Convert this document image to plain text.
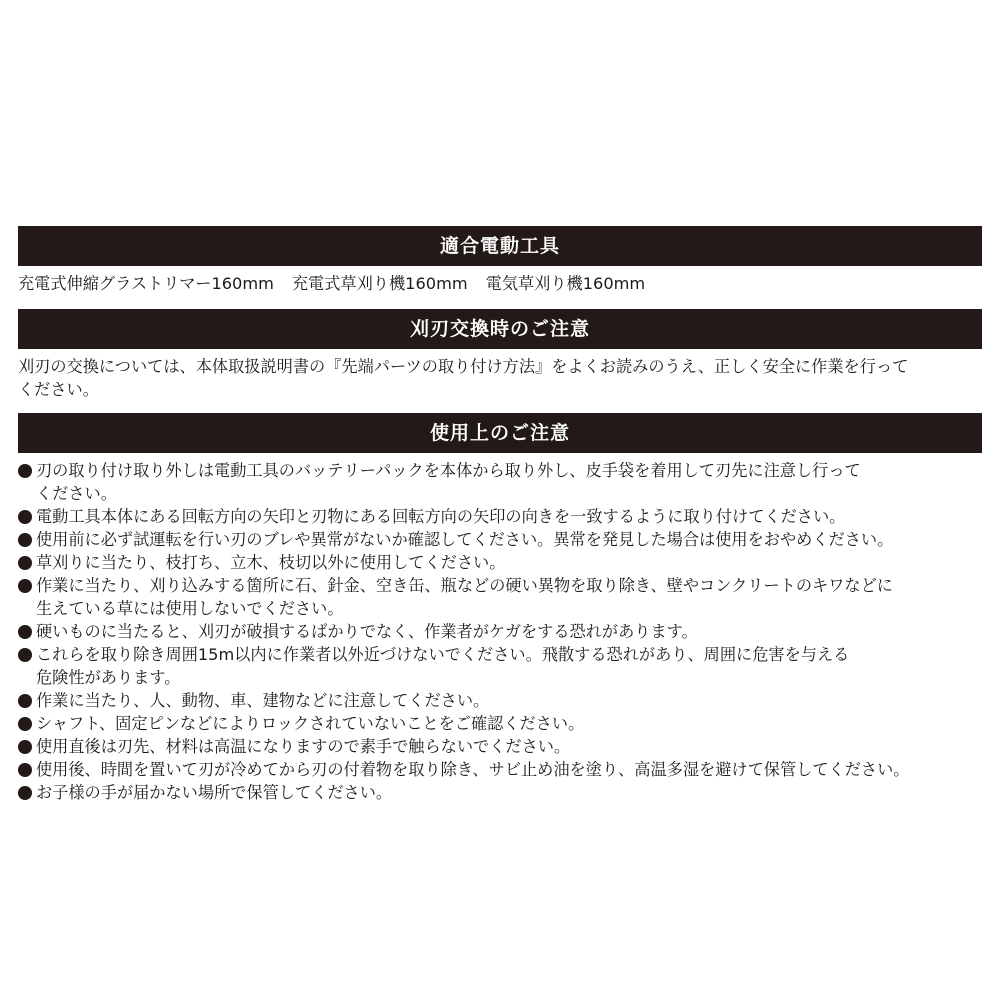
適合電動工具
充電式伸縮グラストリマー160mm 充電式草刈り機160mm 電気草刈り機160mm
刈刃交換時のご注意
刈刃の交換については、本体取扱説明書の『先端パーツの取り付け方法』をよくお読みのうえ、正しく安全に作業を行って
ください。
使用上のご注意
刃の取り付け取り外しは電動工具のバッテリーパックを本体から取り外し、皮手袋を着用して刃先に注意し行って
ください。
電動工具本体にある回転方向の矢印と刃物にある回転方向の矢印の向きを一致するように取り付けてください。
使用前に必ず試運転を行い刃のブレや異常がないか確認してください。異常を発見した場合は使用をおやめください。
草刈りに当たり、枝打ち、立木、枝切以外に使用してください。
作業に当たり、刈り込みする箇所に石、針金、空き缶、瓶などの硬い異物を取り除き、壁やコンクリートのキワなどに
生えている草には使用しないでください。
硬いものに当たると、刈刃が破損するばかりでなく、作業者がケガをする恐れがあります。
これらを取り除き周囲15m以内に作業者以外近づけないでください。飛散する恐れがあり、周囲に危害を与える
危険性があります。
作業に当たり、人、動物、車、建物などに注意してください。
シャフト、固定ピンなどによりロックされていないことをご確認ください。
使用直後は刃先、材料は高温になりますので素手で触らないでください。
使用後、時間を置いて刃が冷めてから刃の付着物を取り除き、サビ止め油を塗り、高温多湿を避けて保管してください。
お子様の手が届かない場所で保管してください。
